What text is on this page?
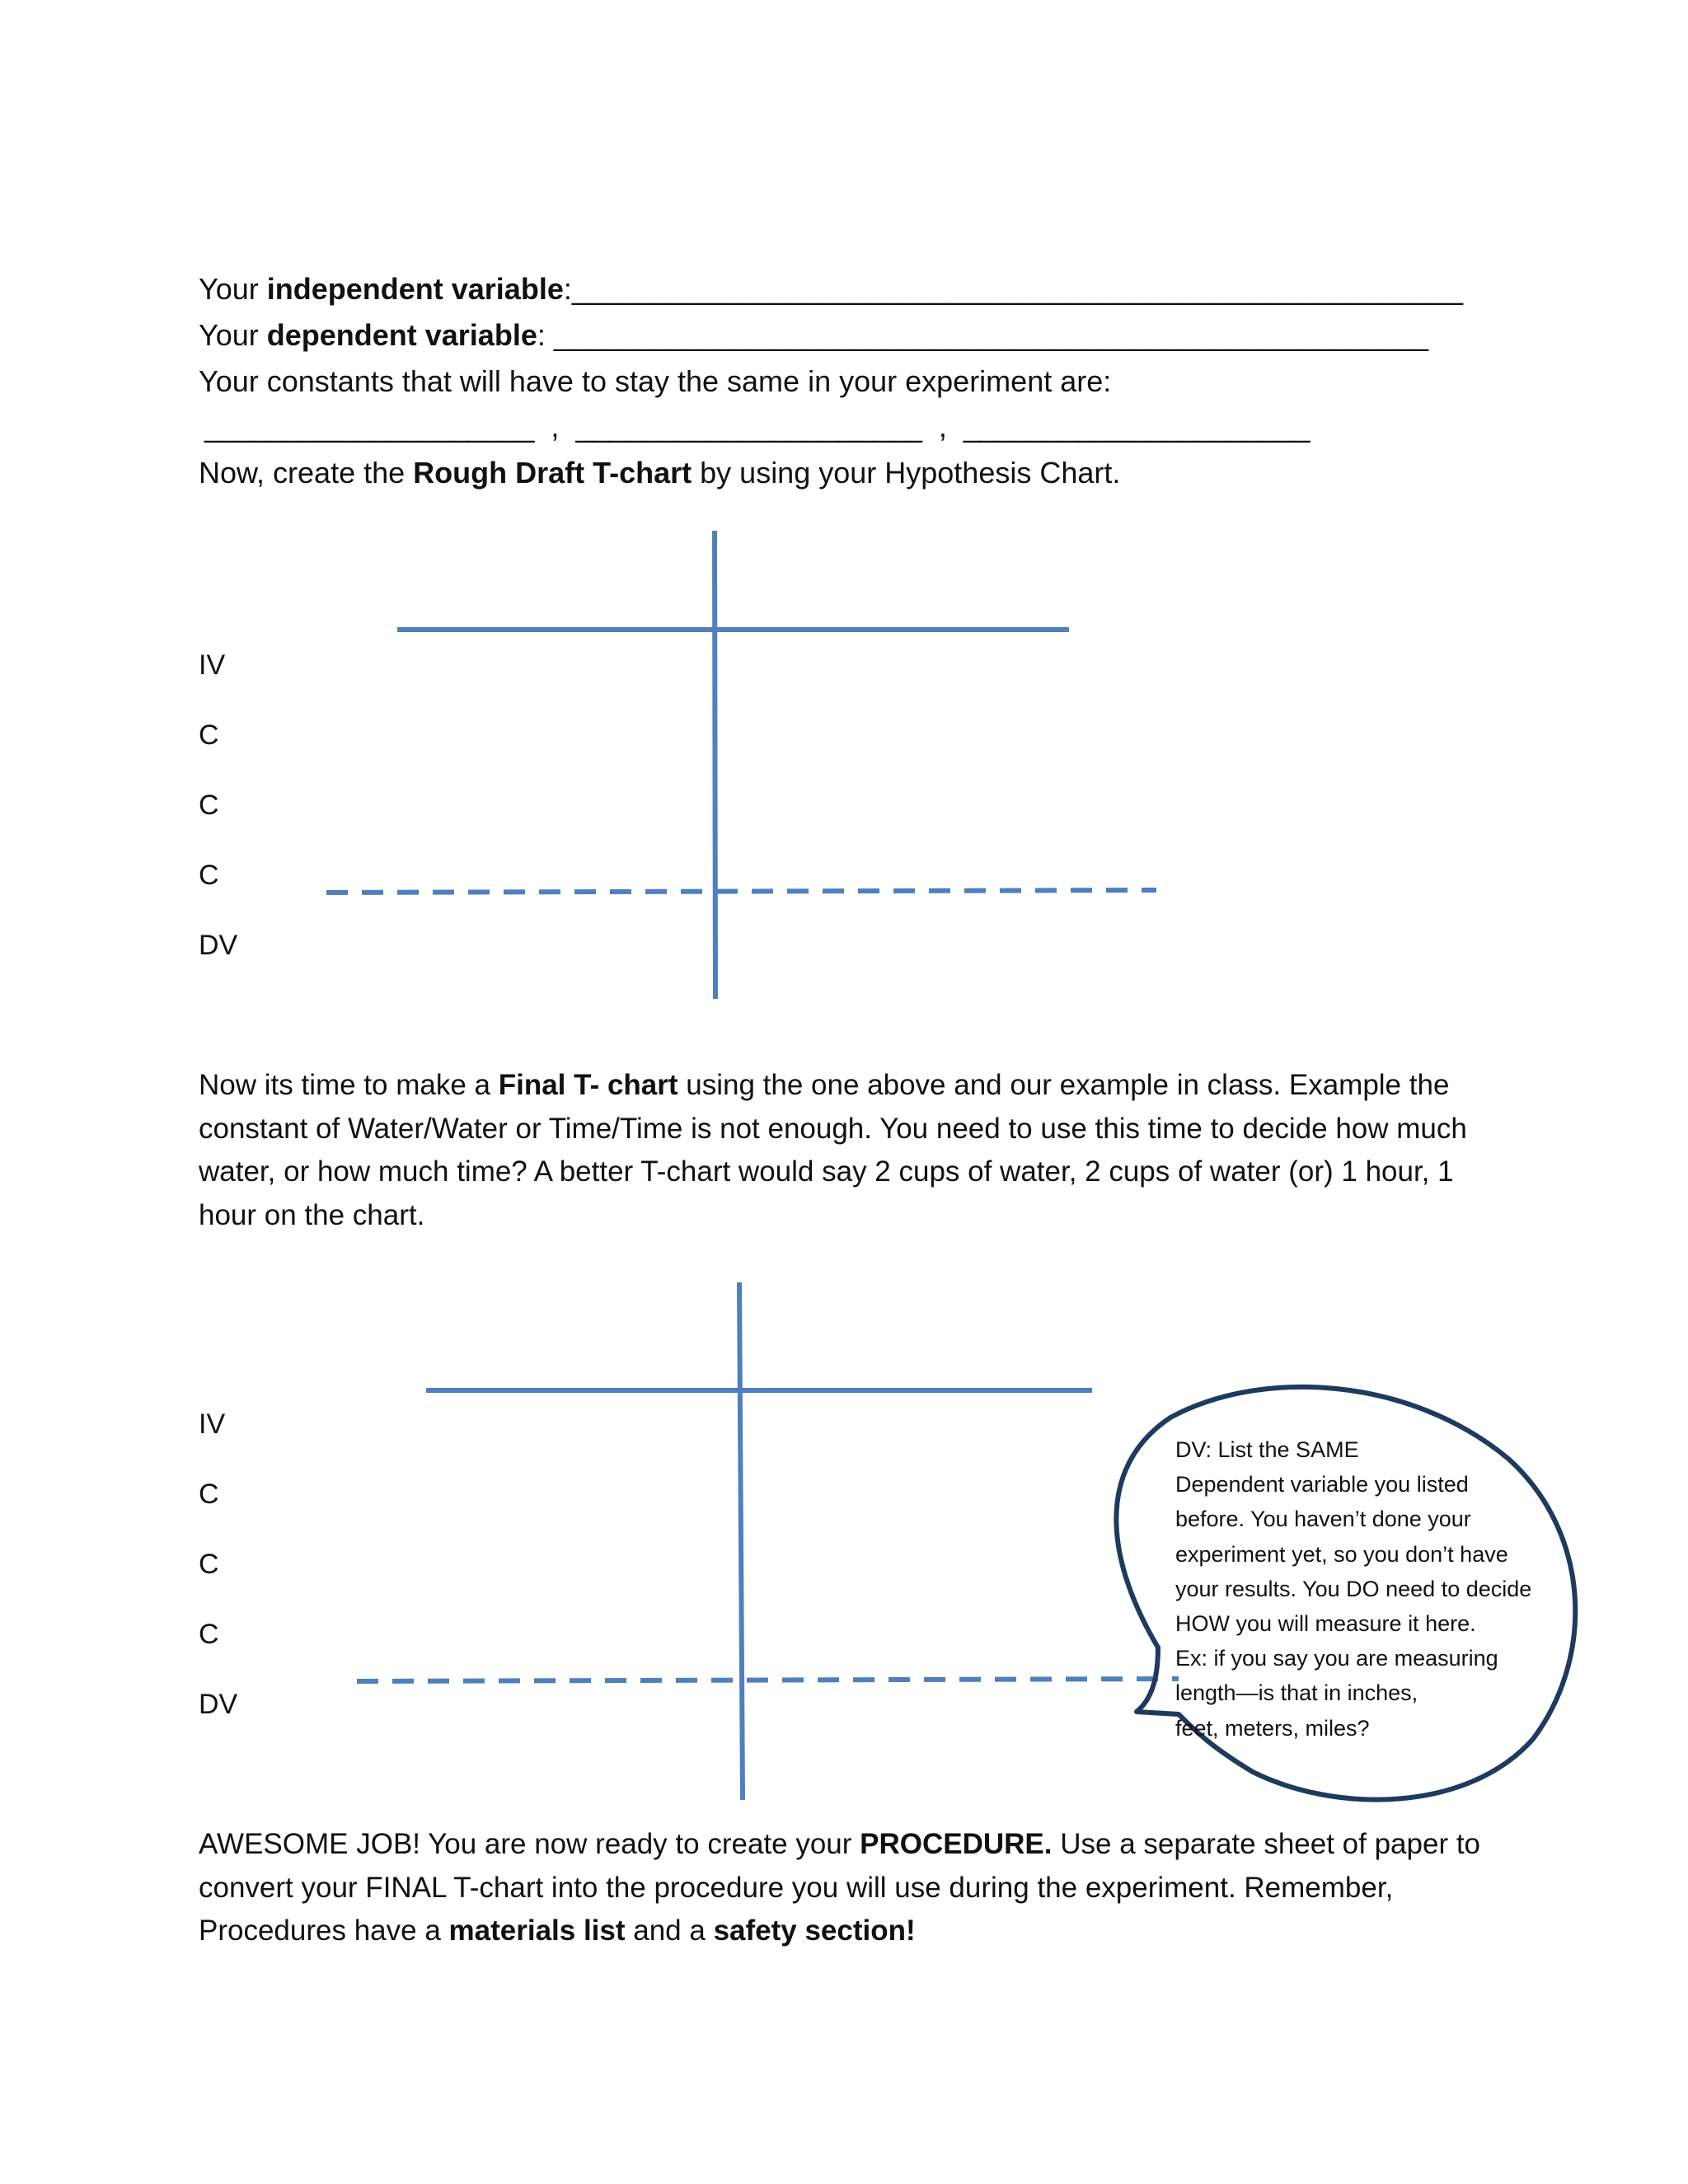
Your independent variable:______________________________________________________
Your dependent variable: _____________________________________________________
Your constants that will have to stay the same in your experiment are:
____________________  ,  _____________________  ,  _____________________
Now, create the Rough Draft T-chart by using your Hypothesis Chart.
IV
C
C
C
DV
Now its time to make a Final T- chart using the one above and our example in class. Example the constant of Water/Water or Time/Time is not enough. You need to use this time to decide how much water, or how much time? A better T-chart would say 2 cups of water, 2 cups of water (or) 1 hour, 1 hour on the chart.
IV
C
C
C
DV
DV: List the SAME
Dependent variable you listed
before. You haven’t done your
experiment yet, so you don’t have
your results. You DO need to decide
HOW you will measure it here.
Ex: if you say you are measuring
length—is that in inches,
feet, meters, miles?
AWESOME JOB! You are now ready to create your PROCEDURE. Use a separate sheet of paper to convert your FINAL T-chart into the procedure you will use during the experiment. Remember, Procedures have a materials list and a safety section!
